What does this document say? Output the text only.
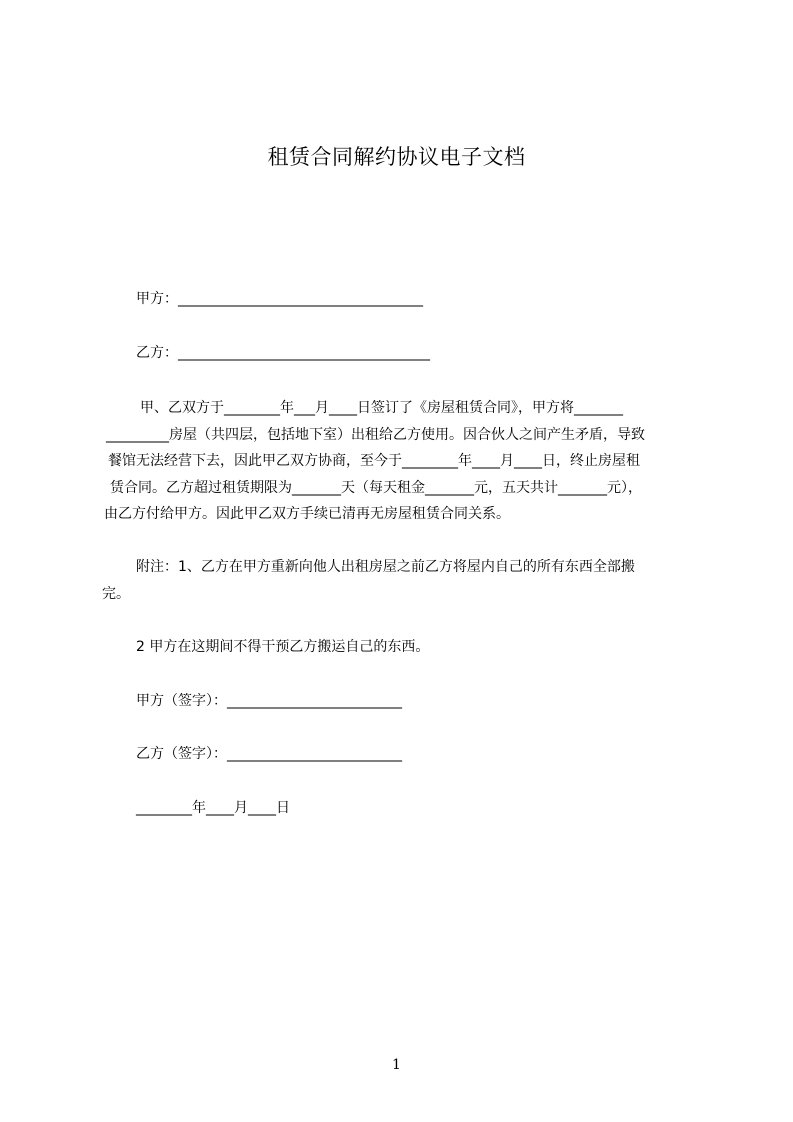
租赁合同解约协议电子文档
甲方：___________________________________
乙方：____________________________________
甲、乙双方于________年___月____日签订了《房屋租赁合同》，甲方将_______
_________房屋（共四层，包括地下室）出租给乙方使用。因合伙人之间产生矛盾，导致
餐馆无法经营下去，因此甲乙双方协商，至今于________年____月____日，终止房屋租
赁合同。乙方超过租赁期限为_______天（每天租金_______元，五天共计_______元），
由乙方付给甲方。因此甲乙双方手续已清再无房屋租赁合同关系。
附注：1、乙方在甲方重新向他人出租房屋之前乙方将屋内自己的所有东西全部搬
完。
2 甲方在这期间不得干预乙方搬运自己的东西。
甲方（签字）：_________________________
乙方（签字）：_________________________
________年____月____日
1
